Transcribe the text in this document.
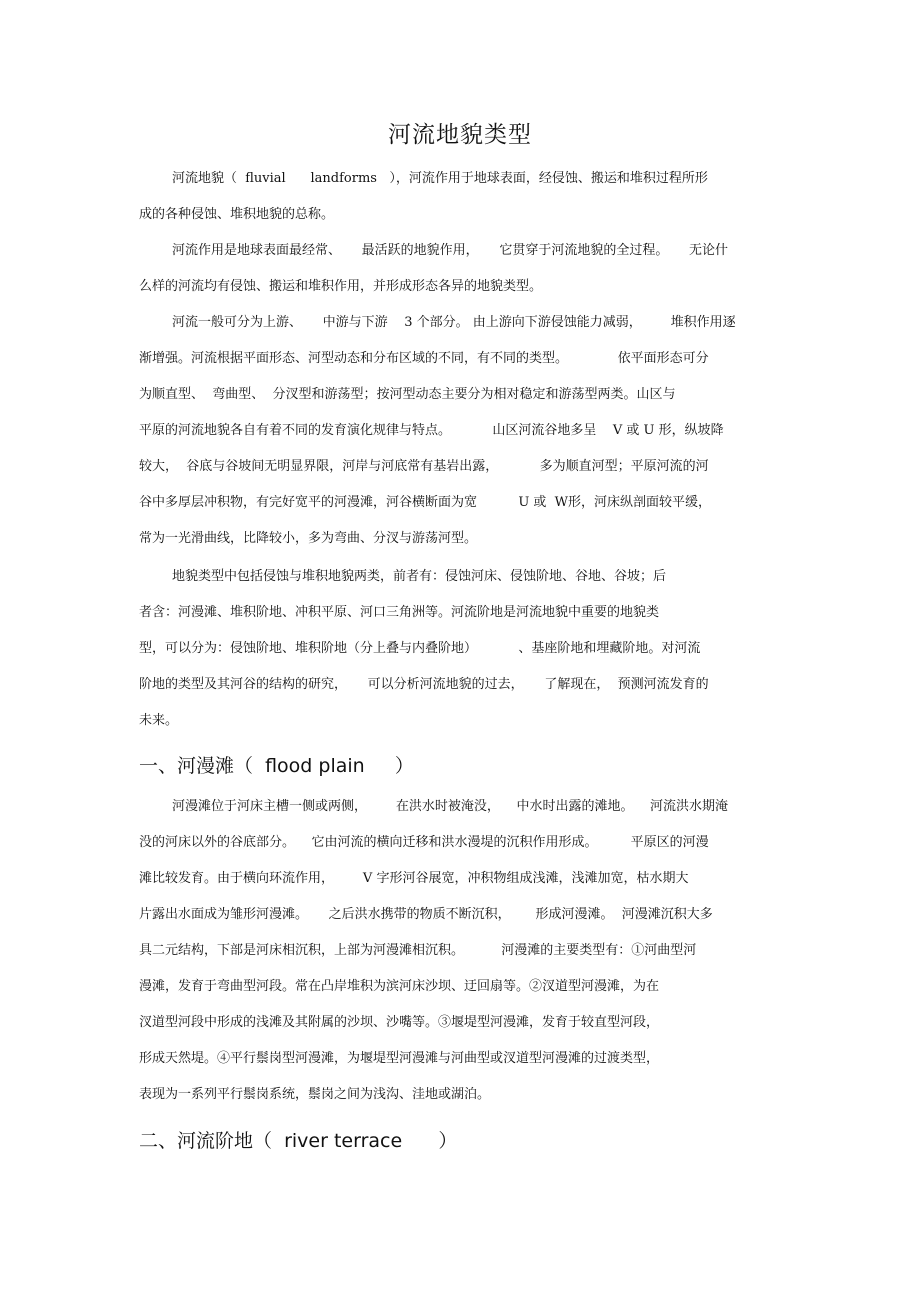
河流地貌类型

河流地貌（  fluvial      landforms   ），河流作用于地球表面，经侵蚀、搬运和堆积过程所形

成的各种侵蚀、堆积地貌的总称。

河流作用是地球表面最经常、     最活跃的地貌作用，     它贯穿于河流地貌的全过程。     无论什

么样的河流均有侵蚀、搬运和堆积作用，并形成形态各异的地貌类型。

河流一般可分为上游、     中游与下游    3 个部分。 由上游向下游侵蚀能力减弱，       堆积作用逐

渐增强。河流根据平面形态、河型动态和分布区域的不同，有不同的类型。            依平面形态可分

为顺直型、  弯曲型、  分汊型和游荡型；按河型动态主要分为相对稳定和游荡型两类。山区与

平原的河流地貌各自有着不同的发育演化规律与特点。          山区河流谷地多呈    V 或 U 形，纵坡降

较大，  谷底与谷坡间无明显界限，河岸与河底常有基岩出露，          多为顺直河型；平原河流的河

谷中多厚层冲积物，有完好宽平的河漫滩，河谷横断面为宽          U 或  W形，河床纵剖面较平缓，

常为一光滑曲线，比降较小，多为弯曲、分汊与游荡河型。

地貌类型中包括侵蚀与堆积地貌两类，前者有：侵蚀河床、侵蚀阶地、谷地、谷坡；后

者含：河漫滩、堆积阶地、冲积平原、河口三角洲等。河流阶地是河流地貌中重要的地貌类

型，可以分为：侵蚀阶地、堆积阶地（分上叠与内叠阶地）          、基座阶地和埋藏阶地。对河流

阶地的类型及其河谷的结构的研究，     可以分析河流地貌的过去，     了解现在，  预测河流发育的

未来。

一、河漫滩（  flood plain     ）

河漫滩位于河床主槽一侧或两侧，       在洪水时被淹没，    中水时出露的滩地。    河流洪水期淹

没的河床以外的谷底部分。    它由河流的横向迁移和洪水漫堤的沉积作用形成。        平原区的河漫

滩比较发育。由于横向环流作用，       V 字形河谷展宽，冲积物组成浅滩，浅滩加宽，枯水期大

片露出水面成为雏形河漫滩。     之后洪水携带的物质不断沉积，      形成河漫滩。  河漫滩沉积大多

具二元结构，下部是河床相沉积，上部为河漫滩相沉积。         河漫滩的主要类型有：①河曲型河

漫滩，发育于弯曲型河段。常在凸岸堆积为滨河床沙坝、迂回扇等。②汊道型河漫滩，为在

汊道型河段中形成的浅滩及其附属的沙坝、沙嘴等。③堰堤型河漫滩，发育于较直型河段，

形成天然堤。④平行鬃岗型河漫滩，为堰堤型河漫滩与河曲型或汊道型河漫滩的过渡类型，

表现为一系列平行鬃岗系统，鬃岗之间为浅沟、洼地或湖泊。

二、河流阶地（  river terrace      ）
